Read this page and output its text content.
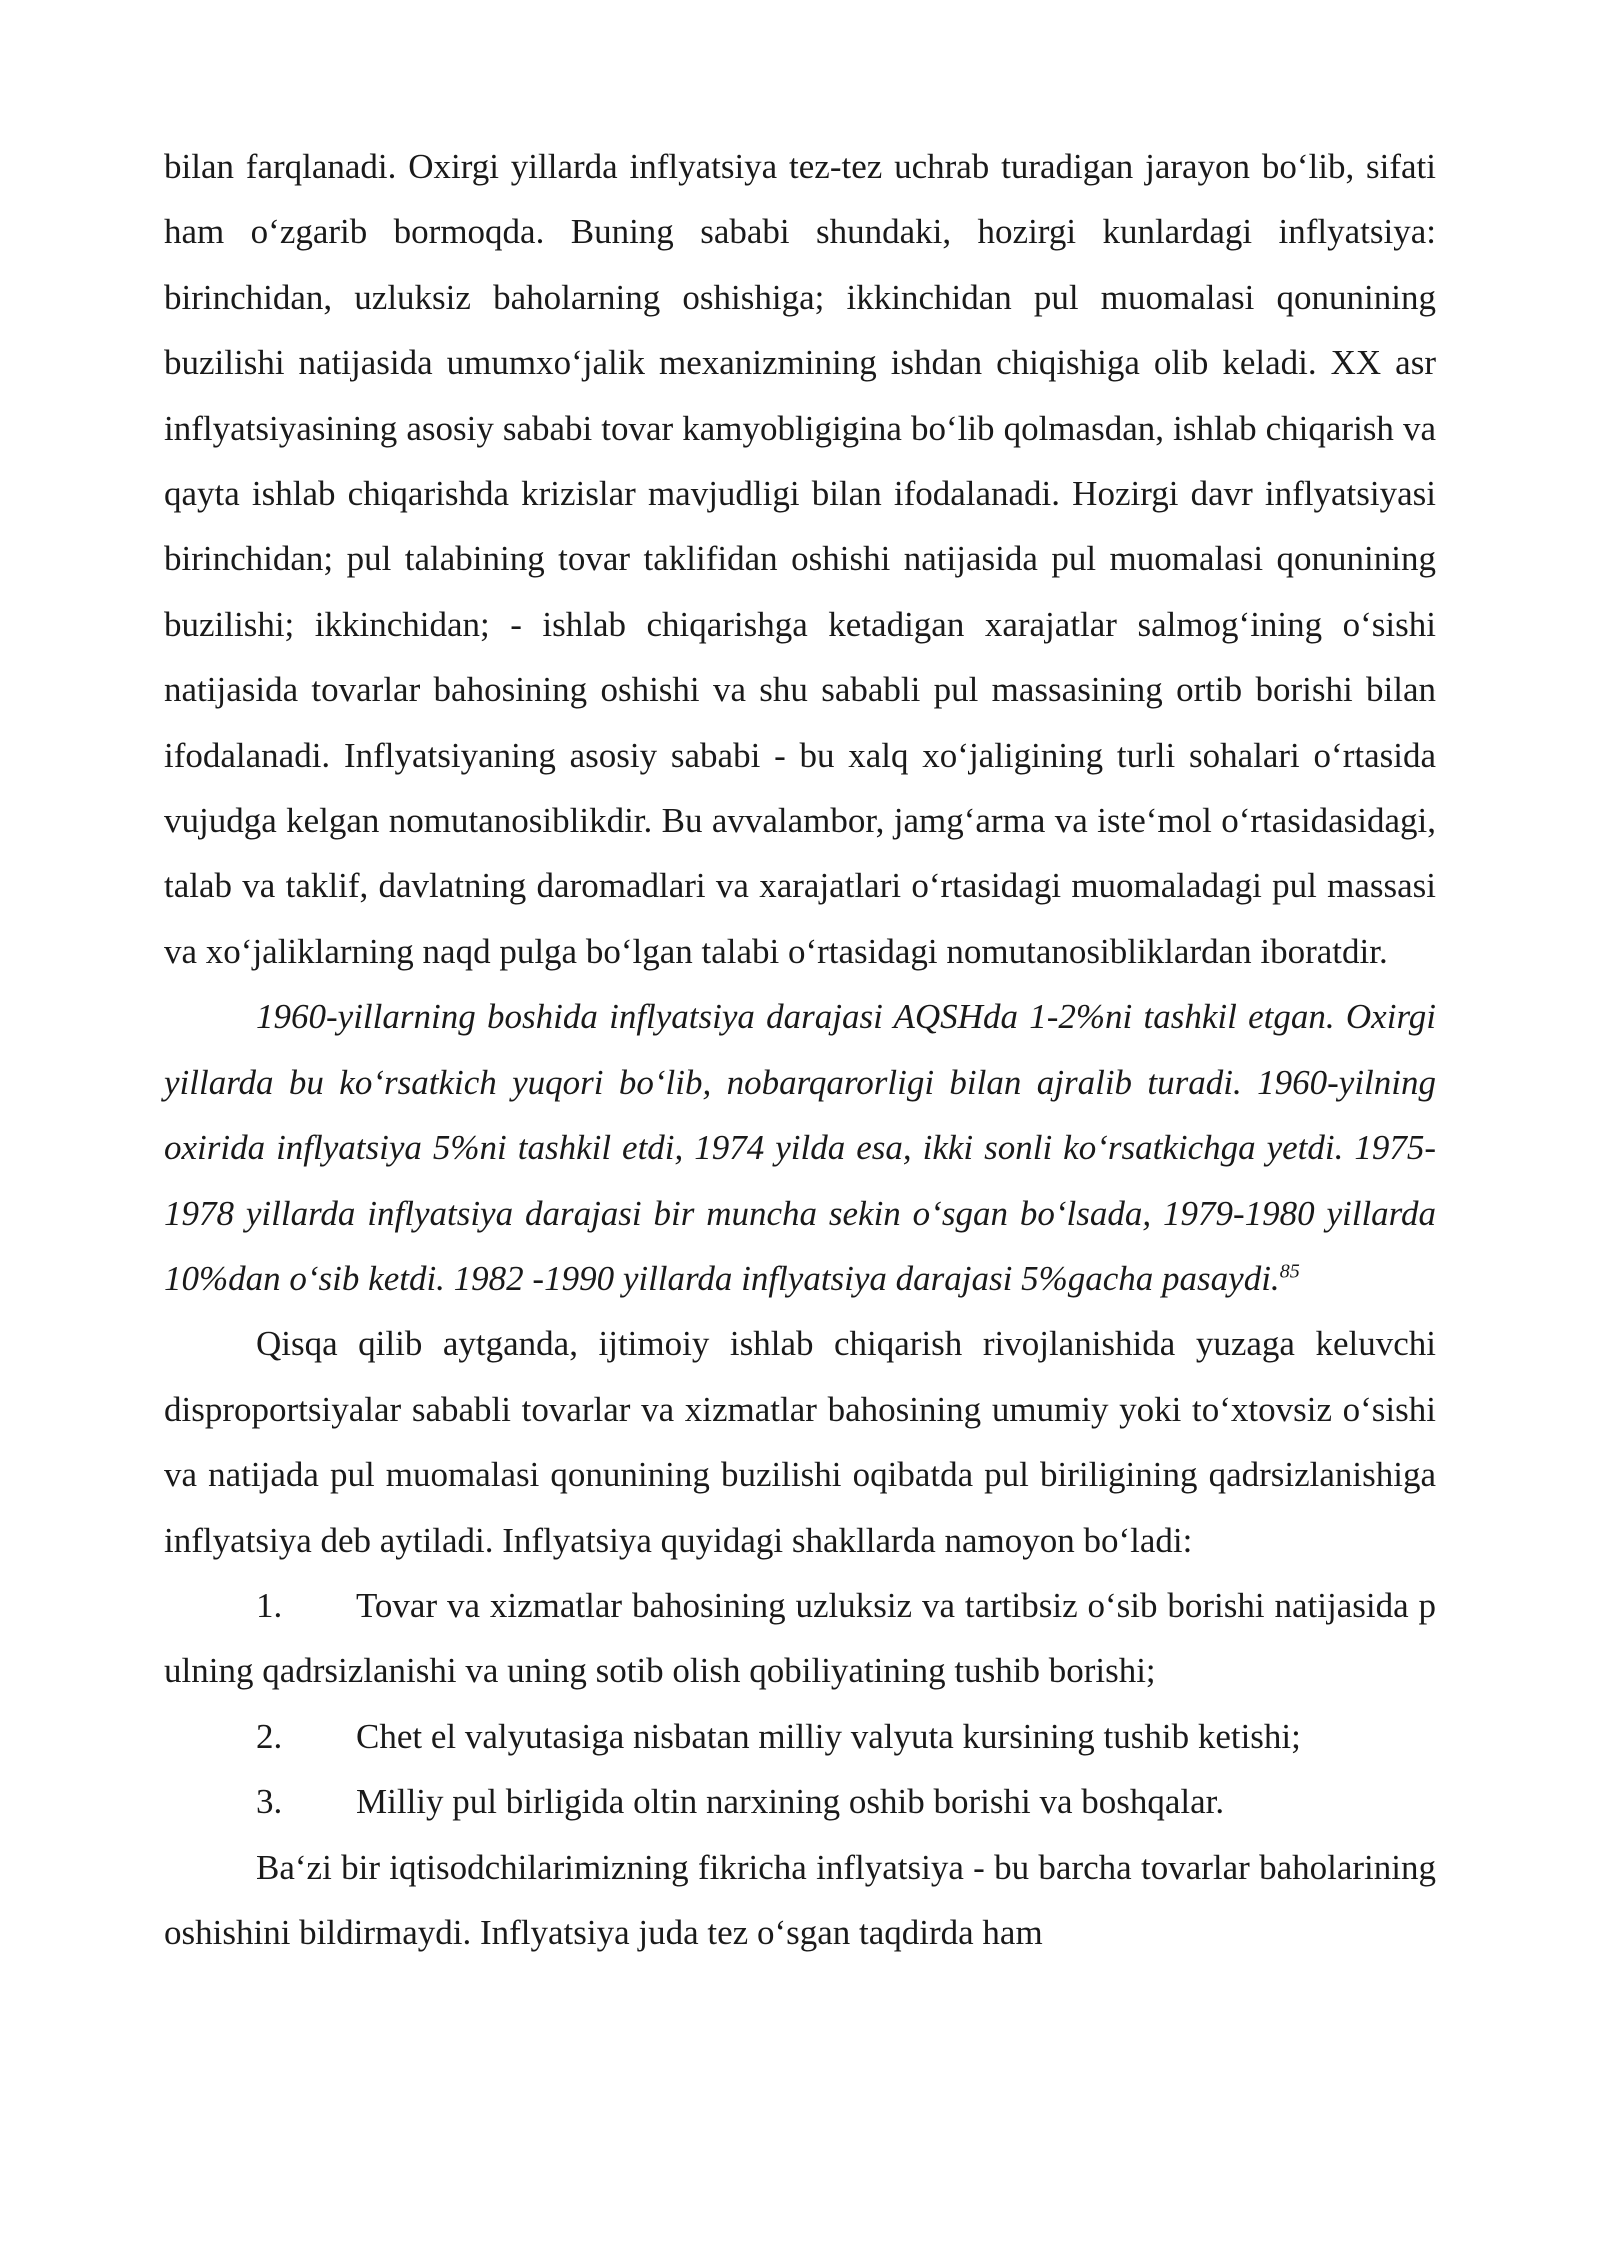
bilan farqlanadi. Oxirgi yillarda inflyatsiya tez-tez uchrab turadigan jarayon bo‘lib, sifati ham o‘zgarib bormoqda. Buning sababi shundaki, hozirgi kunlardagi inflyatsiya: birinchidan, uzluksiz baholarning oshishiga; ikkinchidan pul muomalasi qonunining buzilishi natijasida umumxo‘jalik mexanizmining ishdan chiqishiga olib keladi. XX asr inflyatsiyasining asosiy sababi tovar kamyobligigina bo‘lib qolmasdan, ishlab chiqarish va qayta ishlab chiqarishda krizislar mavjudligi bilan ifodalanadi. Hozirgi davr inflyatsiyasi birinchidan; pul talabining tovar taklifidan oshishi natijasida pul muomalasi qonunining buzilishi; ikkinchidan; - ishlab chiqarishga ketadigan xarajatlar salmog‘ining o‘sishi natijasida tovarlar bahosining oshishi va shu sababli pul massasining ortib borishi bilan ifodalanadi. Inflyatsiyaning asosiy sababi - bu xalq xo‘jaligining turli sohalari o‘rtasida vujudga kelgan nomutanosiblikdir. Bu avvalambor, jamg‘arma va iste‘mol o‘rtasidasidagi, talab va taklif, davlatning daromadlari va xarajatlari o‘rtasidagi muomaladagi pul massasi va xo‘jaliklarning naqd pulga bo‘lgan talabi o‘rtasidagi nomutanosibliklardan iboratdir.

1960-yillarning boshida inflyatsiya darajasi AQSHda 1-2%ni tashkil etgan. Oxirgi yillarda bu ko‘rsatkich yuqori bo‘lib, nobarqarorligi bilan ajralib turadi. 1960-yilning oxirida inflyatsiya 5%ni tashkil etdi, 1974 yilda esa, ikki sonli ko‘rsatkichga yetdi. 1975-1978 yillarda inflyatsiya darajasi bir muncha sekin o‘sgan bo‘lsada, 1979-1980 yillarda 10%dan o‘sib ketdi. 1982 -1990 yillarda inflyatsiya darajasi 5%gacha pasaydi.$^{85}$

Qisqa qilib aytganda, ijtimoiy ishlab chiqarish rivojlanishida yuzaga keluvchi disproportsiyalar sababli tovarlar va xizmatlar bahosining umumiy yoki to‘xtovsiz o‘sishi va natijada pul muomalasi qonunining buzilishi oqibatda pul biriligining qadrsizlanishiga inflyatsiya deb aytiladi. Inflyatsiya quyidagi shakllarda namoyon bo‘ladi:

1. Tovar va xizmatlar bahosining uzluksiz va tartibsiz o‘sib borishi natijasida p ulning qadrsizlanishi va uning sotib olish qobiliyatining tushib borishi;

2. Chet el valyutasiga nisbatan milliy valyuta kursining tushib ketishi;

3. Milliy pul birligida oltin narxining oshib borishi va boshqalar.

Ba‘zi bir iqtisodchilarimizning fikricha inflyatsiya - bu barcha tovarlar baholarining oshishini bildirmaydi. Inflyatsiya juda tez o‘sgan taqdirda ham
